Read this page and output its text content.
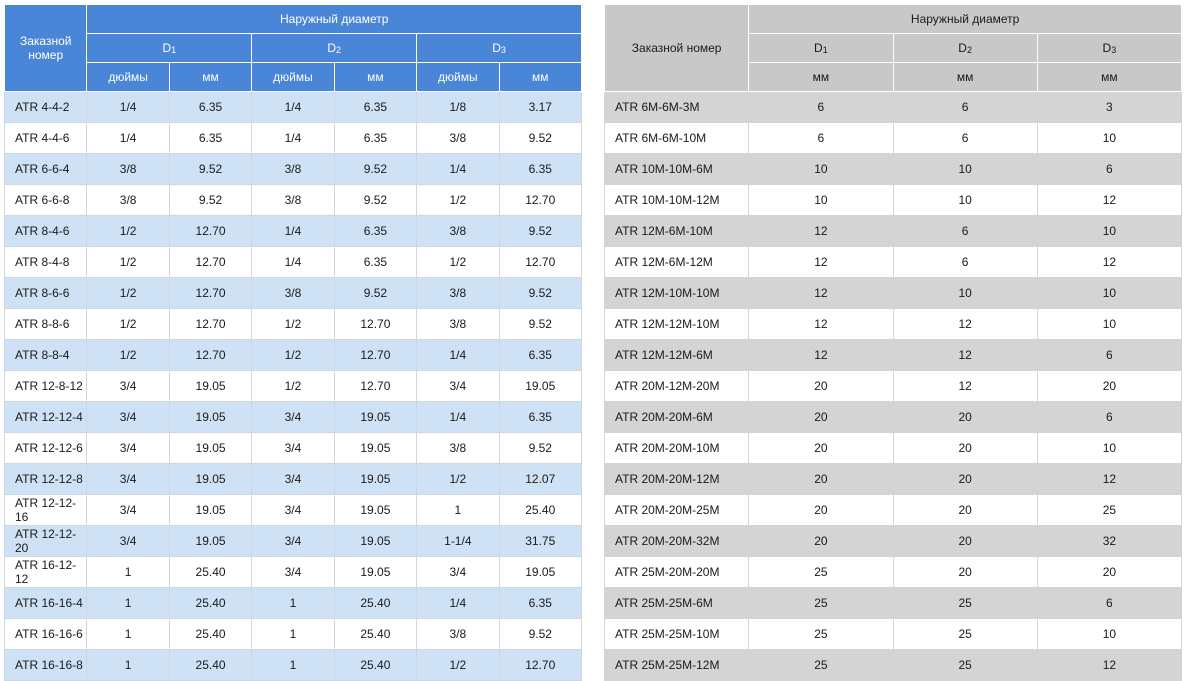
Заказной номер	Наружный диаметр					
	D1		D2		D3	
	дюймы	мм	дюймы	мм	дюймы	мм
ATR 4-4-2	1/4	6.35	1/4	6.35	1/8	3.17
ATR 4-4-6	1/4	6.35	1/4	6.35	3/8	9.52
ATR 6-6-4	3/8	9.52	3/8	9.52	1/4	6.35
ATR 6-6-8	3/8	9.52	3/8	9.52	1/2	12.70
ATR 8-4-6	1/2	12.70	1/4	6.35	3/8	9.52
ATR 8-4-8	1/2	12.70	1/4	6.35	1/2	12.70
ATR 8-6-6	1/2	12.70	3/8	9.52	3/8	9.52
ATR 8-8-6	1/2	12.70	1/2	12.70	3/8	9.52
ATR 8-8-4	1/2	12.70	1/2	12.70	1/4	6.35
ATR 12-8-12	3/4	19.05	1/2	12.70	3/4	19.05
ATR 12-12-4	3/4	19.05	3/4	19.05	1/4	6.35
ATR 12-12-6	3/4	19.05	3/4	19.05	3/8	9.52
ATR 12-12-8	3/4	19.05	3/4	19.05	1/2	12.07
ATR 12-12-16	3/4	19.05	3/4	19.05	1	25.40
ATR 12-12-20	3/4	19.05	3/4	19.05	1-1/4	31.75
ATR 16-12-12	1	25.40	3/4	19.05	3/4	19.05
ATR 16-16-4	1	25.40	1	25.40	1/4	6.35
ATR 16-16-6	1	25.40	1	25.40	3/8	9.52
ATR 16-16-8	1	25.40	1	25.40	1/2	12.70
Заказной номер	Наружный диаметр		
	D1	D2	D3
	мм	мм	мм
ATR 6M-6M-3M	6	6	3
ATR 6M-6M-10M	6	6	10
ATR 10M-10M-6M	10	10	6
ATR 10M-10M-12M	10	10	12
ATR 12M-6M-10M	12	6	10
ATR 12M-6M-12M	12	6	12
ATR 12M-10M-10M	12	10	10
ATR 12M-12M-10M	12	12	10
ATR 12M-12M-6M	12	12	6
ATR 20M-12M-20M	20	12	20
ATR 20M-20M-6M	20	20	6
ATR 20M-20M-10M	20	20	10
ATR 20M-20M-12M	20	20	12
ATR 20M-20M-25M	20	20	25
ATR 20M-20M-32M	20	20	32
ATR 25M-20M-20M	25	20	20
ATR 25M-25M-6M	25	25	6
ATR 25M-25M-10M	25	25	10
ATR 25M-25M-12M	25	25	12
